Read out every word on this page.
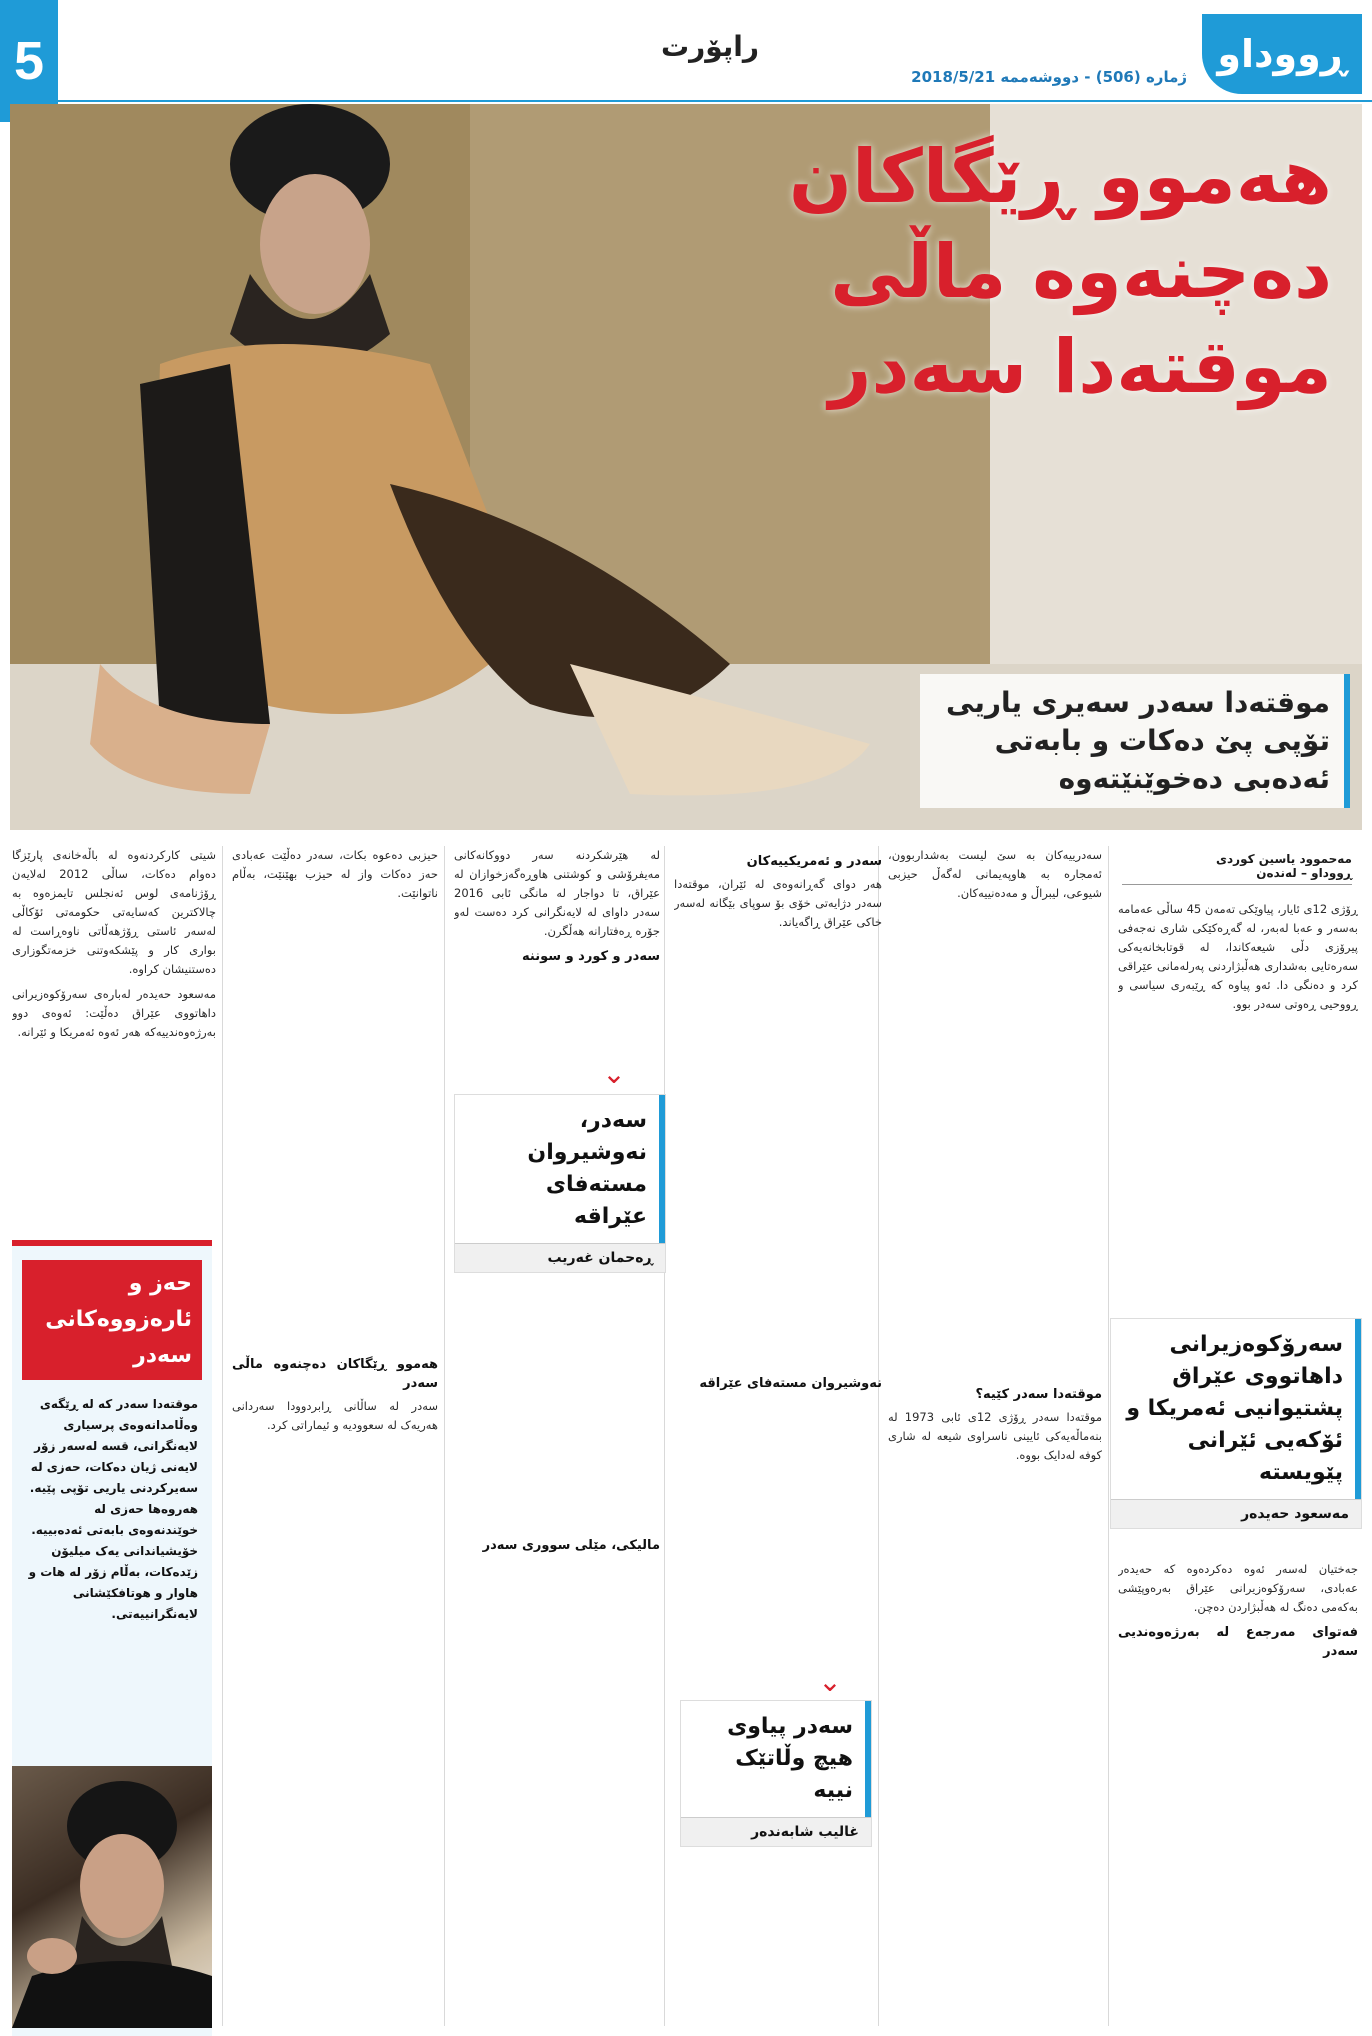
5	راپۆرت
ژمارە (506) - دووشەممە 2018/5/21
ڕووداو
هەموو ڕێگاکان
دەچنەوە ماڵی
موقتەدا سەدر
موقتەدا سەدر سەیری یاریی تۆپی پێ دەکات و بابەتی ئەدەبی دەخوێنێتەوە
مەحموود یاسین کوردی
ڕووداو – لەندەن

ڕۆژی 12ی ئایار، پیاوێکی تەمەن 45 ساڵی عەمامە بەسەر و عەبا لەبەر، لە گەڕەکێکی شاری نەجەفی پیرۆزی دڵی شیعەکاندا، لە قوتابخانەیەکی سەرەتایی بەشداری هەڵبژاردنی پەرلەمانی عێراقی کرد و دەنگی دا. ئەو پیاوە کە ڕێبەری سیاسی و ڕووحیی ڕەوتی سەدر بوو.

جەختیان لەسەر ئەوە دەکردەوە کە حەیدەر عەبادی، سەرۆکوەزیرانی عێراق بەرەوپێشی بەکەمی دەنگ لە هەڵبژاردن دەچن.

فەتوای مەرجەع لە بەرژەوەندیی سەدر
سەرۆکوەزیرانی داهاتووی عێراق پشتیوانیی ئەمریکا و ئۆکەیی ئێرانی پێویستە
مەسعود حەیدەر

سەدرییەکان بە سێ لیست بەشداربوون، ئەمجارە بە هاوپەیمانی لەگەڵ حیزبی شیوعی، لیبراڵ و مەدەنییەکان.

موقتەدا سەدر کێیە؟

موقتەدا سەدر ڕۆژی 12ی ئابی 1973 لە بنەماڵەیەکی ئایینی ناسراوی شیعە لە شاری کوفە لەدایک بووە.

سەدر و ئەمریکییەکان

هەر دوای گەڕانەوەی لە ئێران، موقتەدا سەدر دژایەتی خۆی بۆ سوپای بێگانە لەسەر خاکی عێراق ڕاگەیاند.

نەوشیروان مستەفای عێراقە
⌄
سەدر پیاوی هیچ وڵاتێک نییە
غالیب شابەندەر

لە هێرشکردنە سەر دووکانەکانی مەیفرۆشی و کوشتنی هاوڕەگەزخوازان لە عێراق، تا دواجار لە مانگی ئابی 2016 سەدر داوای لە لایەنگرانی کرد دەست لەو جۆرە ڕەفتارانە هەڵگرن.

سەدر و کورد و سوننە
مالیکی، مێلی سووری سەدر
⌄
سەدر، نەوشیروان مستەفای عێراقە
ڕەحمان غەریب

حیزبی دەعوە بکات، سەدر دەڵێت عەبادی حەز دەکات واز لە حیزب بهێنێت، بەڵام ناتوانێت.

هەموو ڕێگاکان دەچنەوە ماڵی سەدر

سەدر لە ساڵانی ڕابردوودا سەردانی هەریەک لە سعوودیە و ئیماراتی کرد.

شیتی کارکردنەوە لە باڵەخانەی پارێزگا دەوام دەکات، ساڵی 2012 لەلایەن ڕۆژنامەی لوس ئەنجلس تایمزەوە بە چالاکترین کەسایەتی حکومەتی ئۆکاڵی لەسەر ئاستی ڕۆژهەڵاتی ناوەڕاست لە بواری کار و پێشکەوتنی خزمەتگوزاری دەستنیشان کراوە.

مەسعود حەیدەر لەبارەی سەرۆکوەزیرانی داهاتووی عێراق دەڵێت: ئەوەی دوو بەرژەوەندییەکە هەر ئەوە ئەمریکا و ئێرانە.

حەز و ئارەزووەکانی سەدر
موقتەدا سەدر کە لە ڕێگەی وەڵامدانەوەی پرسیاری لایەنگرانی، قسە لەسەر زۆر لایەنی ژیان دەکات، حەزی لە سەیرکردنی یاریی تۆپی پێیە. هەروەها حەزی لە خوێندنەوەی بابەتی ئەدەبییە. خۆیشیاندانی یەک میلیۆن زێدەکات، بەڵام زۆر لە هات و هاوار و هوتافکێشانی لایەنگرانییەتی.
